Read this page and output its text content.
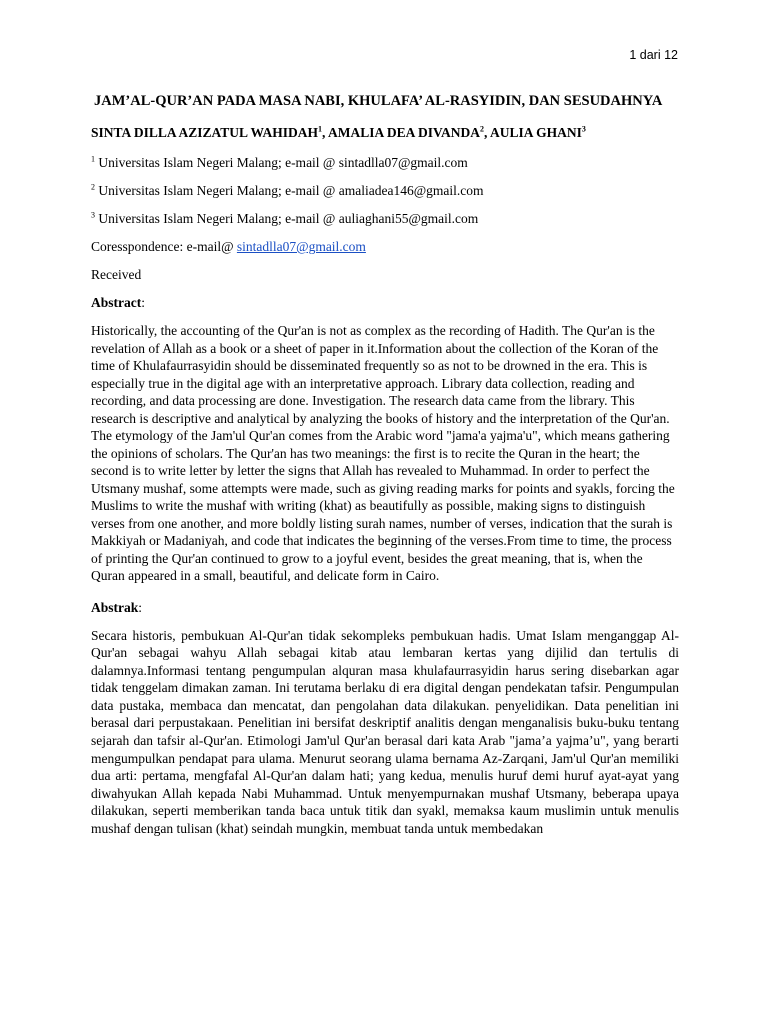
1 dari 12
JAM’AL-QUR’AN PADA MASA NABI, KHULAFA’ AL-RASYIDIN, DAN SESUDAHNYA
SINTA DILLA AZIZATUL WAHIDAH$^1$, AMALIA DEA DIVANDA$^2$, AULIA GHANI$^3$
$^1$ Universitas Islam Negeri Malang; e-mail @ sintadlla07@gmail.com
$^2$ Universitas Islam Negeri Malang; e-mail @ amaliadea146@gmail.com
$^3$ Universitas Islam Negeri Malang; e-mail @ auliaghani55@gmail.com
Coresspondence: e-mail@ sintadlla07@gmail.com
Received
Abstract:
Historically, the accounting of the Qur'an is not as complex as the recording of Hadith. The Qur'an is the revelation of Allah as a book or a sheet of paper in it.Information about the collection of the Koran of the time of Khulafaurrasyidin should be disseminated frequently so as not to be drowned in the era. This is especially true in the digital age with an interpretative approach. Library data collection, reading and recording, and data processing are done. Investigation. The research data came from the library. This research is descriptive and analytical by analyzing the books of history and the interpretation of the Qur'an. The etymology of the Jam'ul Qur'an comes from the Arabic word "jama'a yajma'u", which means gathering the opinions of scholars. The Qur'an has two meanings: the first is to recite the Quran in the heart; the second is to write letter by letter the signs that Allah has revealed to Muhammad. In order to perfect the Utsmany mushaf, some attempts were made, such as giving reading marks for points and syakls, forcing the Muslims to write the mushaf with writing (khat) as beautifully as possible, making signs to distinguish verses from one another, and more boldly listing surah names, number of verses, indication that the surah is Makkiyah or Madaniyah, and code that indicates the beginning of the verses.From time to time, the process of printing the Qur'an continued to grow to a joyful event, besides the great meaning, that is, when the Quran appeared in a small, beautiful, and delicate form in Cairo.
Abstrak:
Secara historis, pembukuan Al-Qur'an tidak sekompleks pembukuan hadis. Umat Islam menganggap Al-Qur'an sebagai wahyu Allah sebagai kitab atau lembaran kertas yang dijilid dan tertulis di dalamnya.Informasi tentang pengumpulan alquran masa khulafaurrasyidin harus sering disebarkan agar tidak tenggelam dimakan zaman. Ini terutama berlaku di era digital dengan pendekatan tafsir. Pengumpulan data pustaka, membaca dan mencatat, dan pengolahan data dilakukan. penyelidikan. Data penelitian ini berasal dari perpustakaan. Penelitian ini bersifat deskriptif analitis dengan menganalisis buku-buku tentang sejarah dan tafsir al-Qur'an. Etimologi Jam'ul Qur'an berasal dari kata Arab "jama’a yajma’u", yang berarti mengumpulkan pendapat para ulama. Menurut seorang ulama bernama Az-Zarqani, Jam'ul Qur'an memiliki dua arti: pertama, mengfafal Al-Qur'an dalam hati; yang kedua, menulis huruf demi huruf ayat-ayat yang diwahyukan Allah kepada Nabi Muhammad. Untuk menyempurnakan mushaf Utsmany, beberapa upaya dilakukan, seperti memberikan tanda baca untuk titik dan syakl, memaksa kaum muslimin untuk menulis mushaf dengan tulisan (khat) seindah mungkin, membuat tanda untuk membedakan
